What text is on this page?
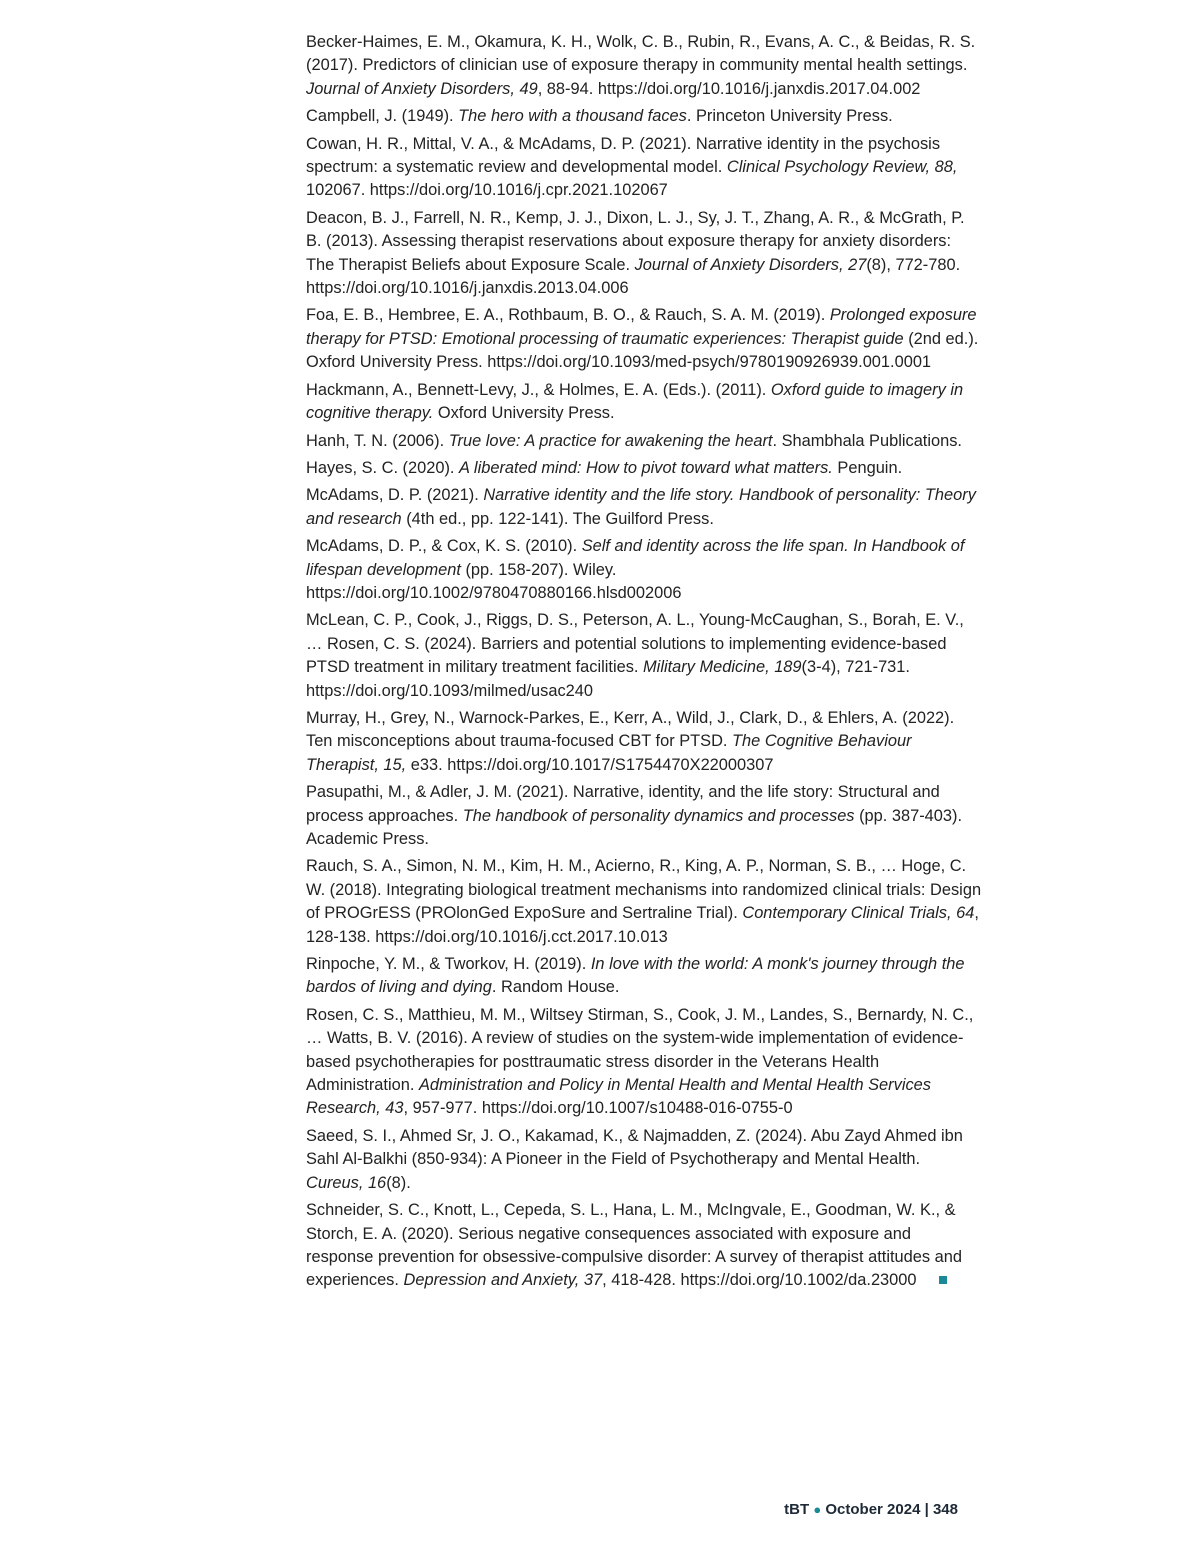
Becker-Haimes, E. M., Okamura, K. H., Wolk, C. B., Rubin, R., Evans, A. C., & Beidas, R. S. (2017). Predictors of clinician use of exposure therapy in community mental health settings. Journal of Anxiety Disorders, 49, 88-94. https://doi.org/10.1016/j.janxdis.2017.04.002

Campbell, J. (1949). The hero with a thousand faces. Princeton University Press.

Cowan, H. R., Mittal, V. A., & McAdams, D. P. (2021). Narrative identity in the psychosis spectrum: a systematic review and developmental model. Clinical Psychology Review, 88, 102067. https://doi.org/10.1016/j.cpr.2021.102067

Deacon, B. J., Farrell, N. R., Kemp, J. J., Dixon, L. J., Sy, J. T., Zhang, A. R., & McGrath, P. B. (2013). Assessing therapist reservations about exposure therapy for anxiety disorders: The Therapist Beliefs about Exposure Scale. Journal of Anxiety Disorders, 27(8), 772-780. https://doi.org/10.1016/j.janxdis.2013.04.006

Foa, E. B., Hembree, E. A., Rothbaum, B. O., & Rauch, S. A. M. (2019). Prolonged exposure therapy for PTSD: Emotional processing of traumatic experiences: Therapist guide (2nd ed.). Oxford University Press. https://doi.org/10.1093/med-psych/9780190926939.001.0001

Hackmann, A., Bennett-Levy, J., & Holmes, E. A. (Eds.). (2011). Oxford guide to imagery in cognitive therapy. Oxford University Press.

Hanh, T. N. (2006). True love: A practice for awakening the heart. Shambhala Publications.

Hayes, S. C. (2020). A liberated mind: How to pivot toward what matters. Penguin.

McAdams, D. P. (2021). Narrative identity and the life story. Handbook of personality: Theory and research (4th ed., pp. 122-141). The Guilford Press.

McAdams, D. P., & Cox, K. S. (2010). Self and identity across the life span. In Handbook of lifespan development (pp. 158-207). Wiley. https://doi.org/10.1002/9780470880166.hlsd002006

McLean, C. P., Cook, J., Riggs, D. S., Peterson, A. L., Young-McCaughan, S., Borah, E. V., … Rosen, C. S. (2024). Barriers and potential solutions to implementing evidence-based PTSD treatment in military treatment facilities. Military Medicine, 189(3-4), 721-731. https://doi.org/10.1093/milmed/usac240

Murray, H., Grey, N., Warnock-Parkes, E., Kerr, A., Wild, J., Clark, D., & Ehlers, A. (2022). Ten misconceptions about trauma-focused CBT for PTSD. The Cognitive Behaviour Therapist, 15, e33. https://doi.org/10.1017/S1754470X22000307

Pasupathi, M., & Adler, J. M. (2021). Narrative, identity, and the life story: Structural and process approaches. The handbook of personality dynamics and processes (pp. 387-403). Academic Press.

Rauch, S. A., Simon, N. M., Kim, H. M., Acierno, R., King, A. P., Norman, S. B., … Hoge, C. W. (2018). Integrating biological treatment mechanisms into randomized clinical trials: Design of PROGrESS (PROlonGed ExpoSure and Sertraline Trial). Contemporary Clinical Trials, 64, 128-138. https://doi.org/10.1016/j.cct.2017.10.013

Rinpoche, Y. M., & Tworkov, H. (2019). In love with the world: A monk's journey through the bardos of living and dying. Random House.

Rosen, C. S., Matthieu, M. M., Wiltsey Stirman, S., Cook, J. M., Landes, S., Bernardy, N. C., … Watts, B. V. (2016). A review of studies on the system-wide implementation of evidence-based psychotherapies for posttraumatic stress disorder in the Veterans Health Administration. Administration and Policy in Mental Health and Mental Health Services Research, 43, 957-977. https://doi.org/10.1007/s10488-016-0755-0

Saeed, S. I., Ahmed Sr, J. O., Kakamad, K., & Najmadden, Z. (2024). Abu Zayd Ahmed ibn Sahl Al-Balkhi (850-934): A Pioneer in the Field of Psychotherapy and Mental Health. Cureus, 16(8).

Schneider, S. C., Knott, L., Cepeda, S. L., Hana, L. M., McIngvale, E., Goodman, W. K., & Storch, E. A. (2020). Serious negative consequences associated with exposure and response prevention for obsessive-compulsive disorder: A survey of therapist attitudes and experiences. Depression and Anxiety, 37, 418-428. https://doi.org/10.1002/da.23000

tBT ● October 2024 | 348
